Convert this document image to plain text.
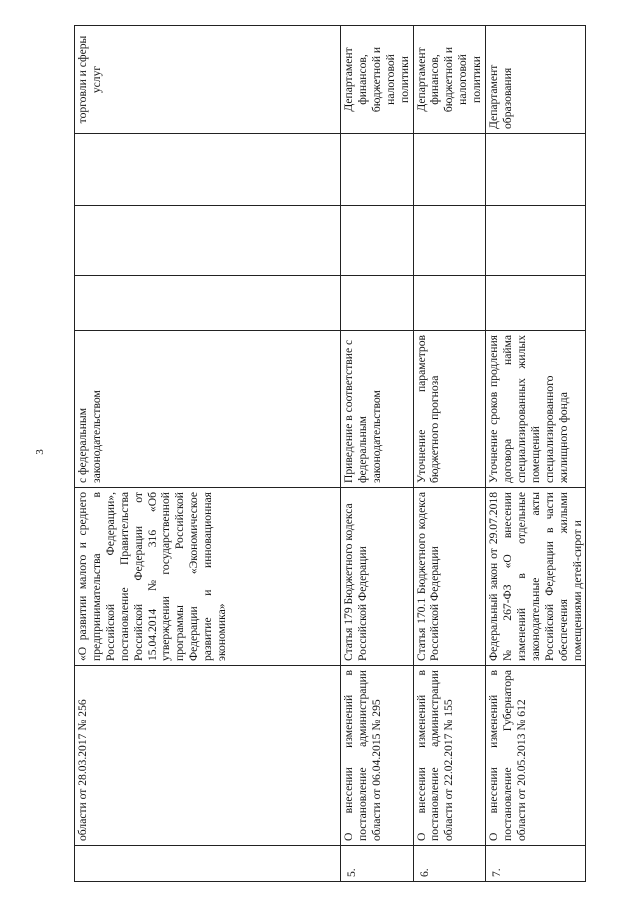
3
	области от 28.03.2017 № 256	«О развитии малого и среднего предпринимательства в Российской Федерации», постановление Правительства Российской Федерации от 15.04.2014 № 316 «Об утверждении государственной программы Российской Федерации «Экономическое развитие и инновационная экономика»	с федеральным законодательством				торговли и сферы услуг
5.	О внесении изменений в постановление администрации области от 06.04.2015 № 295	Статья 179 Бюджетного кодекса Российской Федерации	Приведение в соответствие с федеральным законодательством				Департамент финансов, бюджетной и налоговой политики
6.	О внесении изменений в постановление администрации области от 22.02.2017 № 155	Статья 170.1 Бюджетного кодекса Российской Федерации	Уточнение параметров бюджетного прогноза				Департамент финансов, бюджетной и налоговой политики
7.	О внесении изменений в постановление Губернатора области от 20.05.2013 № 612	Федеральный закон от 29.07.2018 № 267-ФЗ «О внесении изменений в отдельные законодательные акты Российской Федерации в части обеспечения жилыми помещениями детей-сирот и	Уточнение сроков продления договора найма специализированных жилых помещений специализированного жилищного фонда				Департамент образования
